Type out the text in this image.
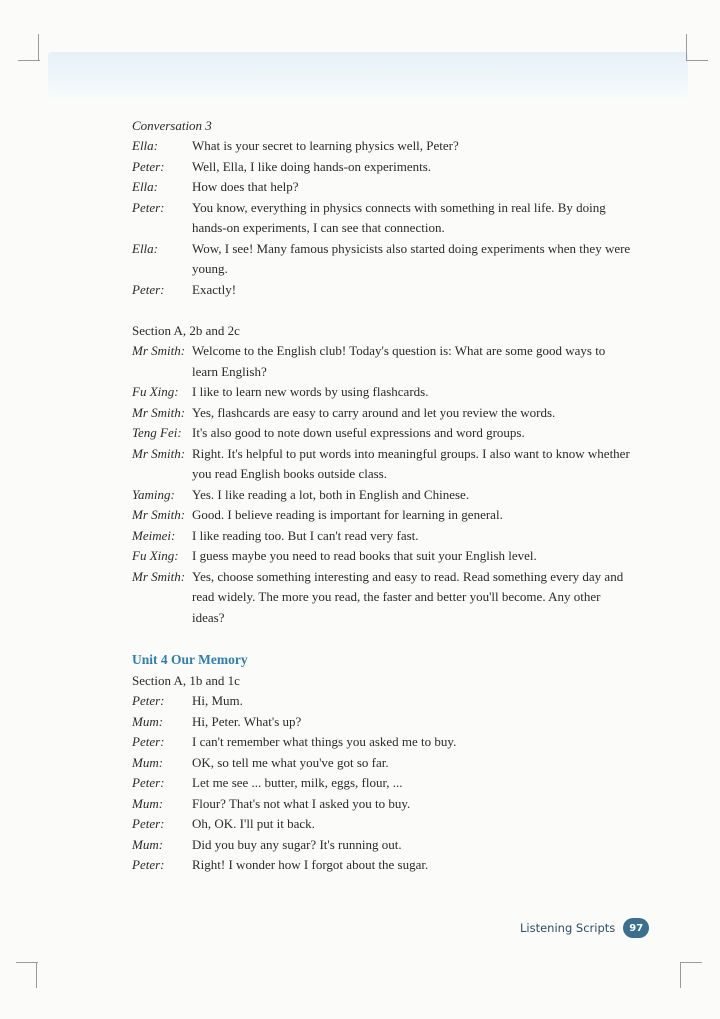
Conversation 3
Ella:	What is your secret to learning physics well, Peter?
Peter:	Well, Ella, I like doing hands-on experiments.
Ella:	How does that help?
Peter:	You know, everything in physics connects with something in real life. By doing hands-on experiments, I can see that connection.
Ella:	Wow, I see! Many famous physicists also started doing experiments when they were young.
Peter:	Exactly!
Section A, 2b and 2c
Mr Smith: Welcome to the English club! Today's question is: What are some good ways to learn English?
Fu Xing:	I like to learn new words by using flashcards.
Mr Smith: Yes, flashcards are easy to carry around and let you review the words.
Teng Fei: It's also good to note down useful expressions and word groups.
Mr Smith: Right. It's helpful to put words into meaningful groups. I also want to know whether you read English books outside class.
Yaming:	Yes. I like reading a lot, both in English and Chinese.
Mr Smith: Good. I believe reading is important for learning in general.
Meimei:	I like reading too. But I can't read very fast.
Fu Xing:	I guess maybe you need to read books that suit your English level.
Mr Smith: Yes, choose something interesting and easy to read. Read something every day and read widely. The more you read, the faster and better you'll become. Any other ideas?
Unit 4 Our Memory
Section A, 1b and 1c
Peter:	Hi, Mum.
Mum:	Hi, Peter. What's up?
Peter:	I can't remember what things you asked me to buy.
Mum:	OK, so tell me what you've got so far.
Peter:	Let me see ... butter, milk, eggs, flour, ...
Mum:	Flour? That's not what I asked you to buy.
Peter:	Oh, OK. I'll put it back.
Mum:	Did you buy any sugar? It's running out.
Peter:	Right! I wonder how I forgot about the sugar.
Listening Scripts	97
